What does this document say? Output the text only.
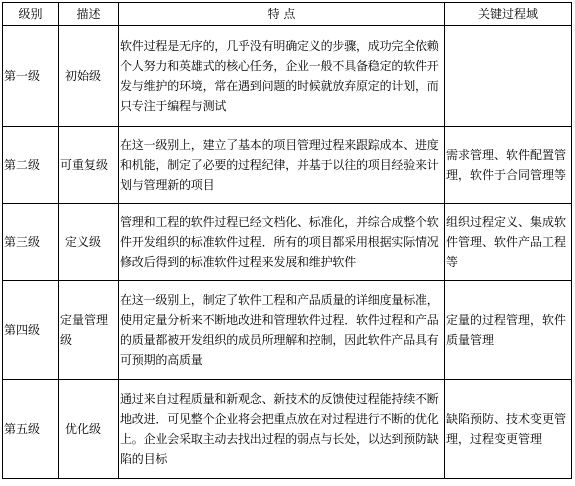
级别	描述	特 点	关键过程域
第一级	初始级	软件过程是无序的，几乎没有明确定义的步骤，成功完全依赖个人努力和英雄式的核心任务，企业一般不具备稳定的软件开发与维护的环境，常在遇到问题的时候就放弃原定的计划，而只专注于编程与测试	
第二级	可重复级	在这一级别上，建立了基本的项目管理过程来跟踪成本、进度和机能，制定了必要的过程纪律，并基于以往的项目经验来计划与管理新的项目	需求管理、软件配置管理，软件于合同管理等
第三级	定义级	管理和工程的软件过程已经文档化、标准化，并综合成整个软件开发组织的标准软件过程．所有的项目都采用根据实际情况修改后得到的标准软件过程来发展和维护软件	组织过程定义、集成软件管理、软件产品工程等
第四级	定量管理级	在这一级别上，制定了软件工程和产品质量的详细度量标准，使用定量分析来不断地改进和管理软件过程．软件过程和产品的质量都被开发组织的成员所理解和控制，因此软件产品具有可预期的高质量	定量的过程管理，软件质量管理
第五级	优化级	通过来自过程质量和新观念、新技术的反馈使过程能持续不断地改进．可见整个企业将会把重点放在对过程进行不断的优化上。企业会采取主动去找出过程的弱点与长处，以达到预防缺陷的目标	缺陷预防、技术变更管理，过程变更管理
